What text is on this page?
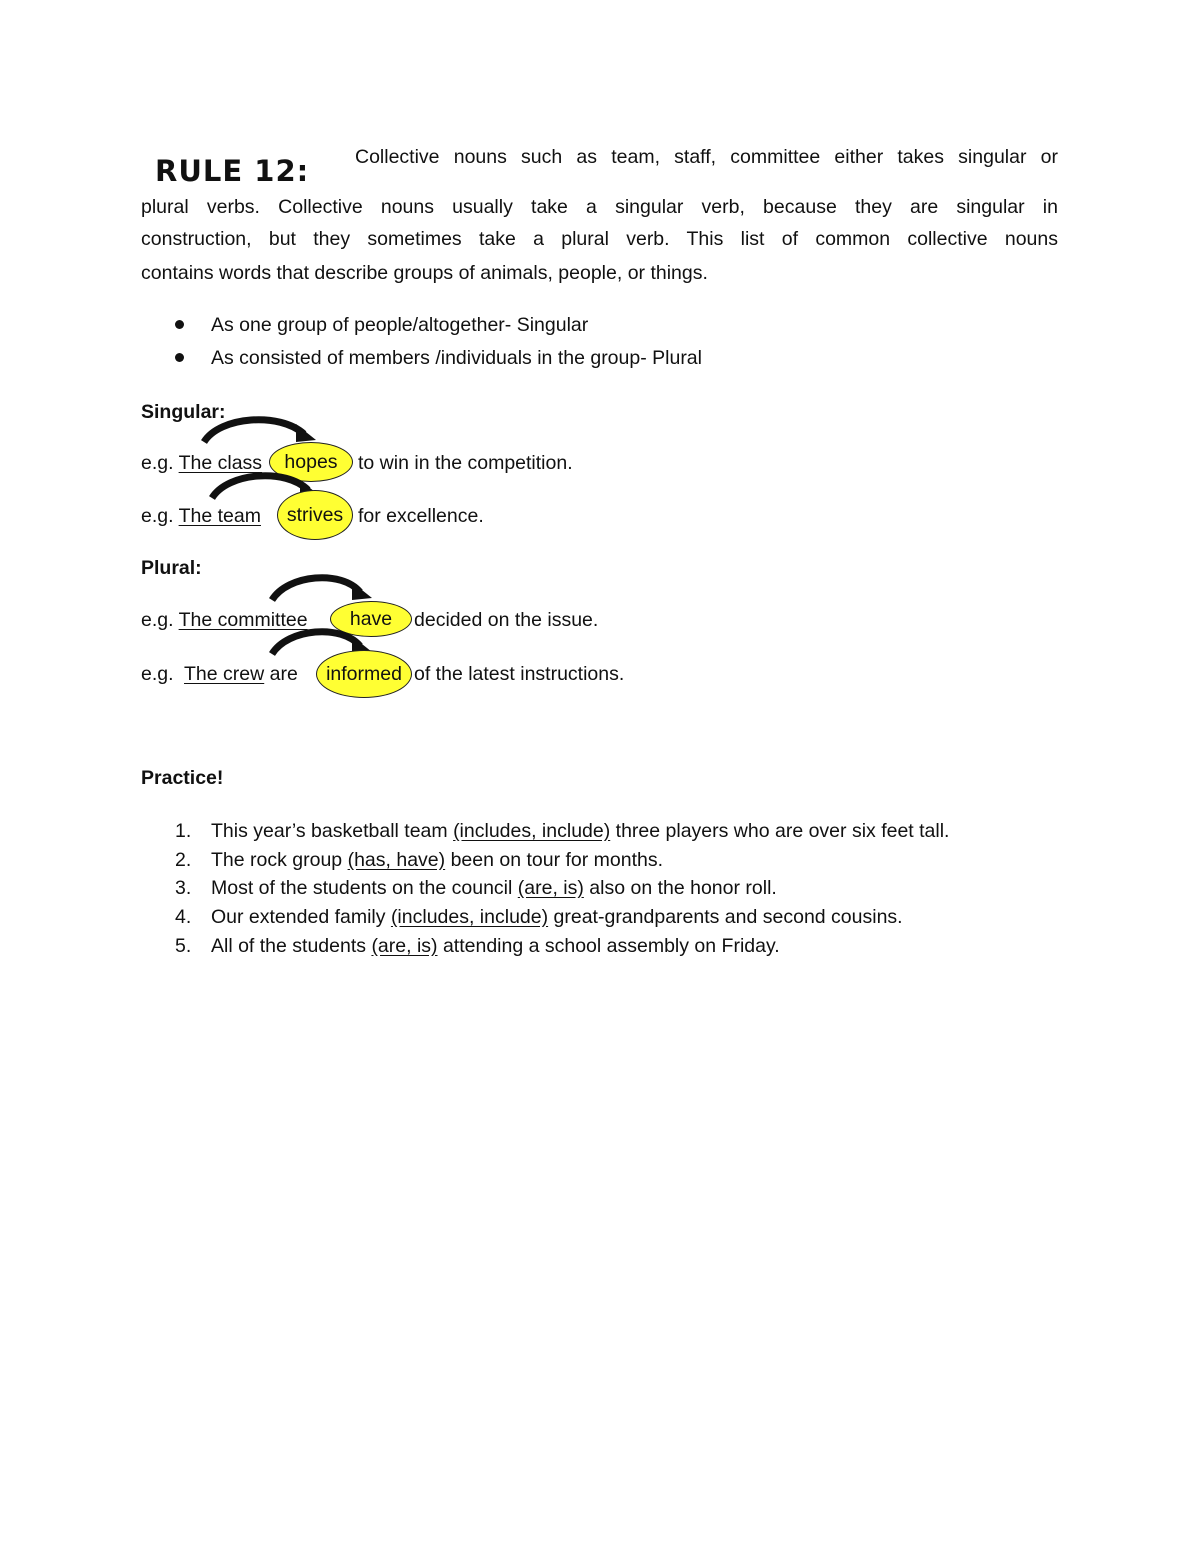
RULE 12: Collective nouns such as team, staff, committee either takes singular or
plural verbs. Collective nouns usually take a singular verb, because they are singular in
construction, but they sometimes take a plural verb. This list of common collective nouns
contains words that describe groups of animals, people, or things.
As one group of people/altogether- Singular
As consisted of members /individuals in the group- Plural
Singular:
e.g. The class	hopes	to win in the competition.
e.g. The team	strives for excellence.
Plural:
e.g. The committee	have	decided on the issue.
e.g. The crew are	informed of the latest instructions.
Practice!
1. This year’s basketball team (includes, include) three players who are over six feet tall.
2. The rock group (has, have) been on tour for months.
3. Most of the students on the council (are, is) also on the honor roll.
4. Our extended family (includes, include) great-grandparents and second cousins.
5. All of the students (are, is) attending a school assembly on Friday.
